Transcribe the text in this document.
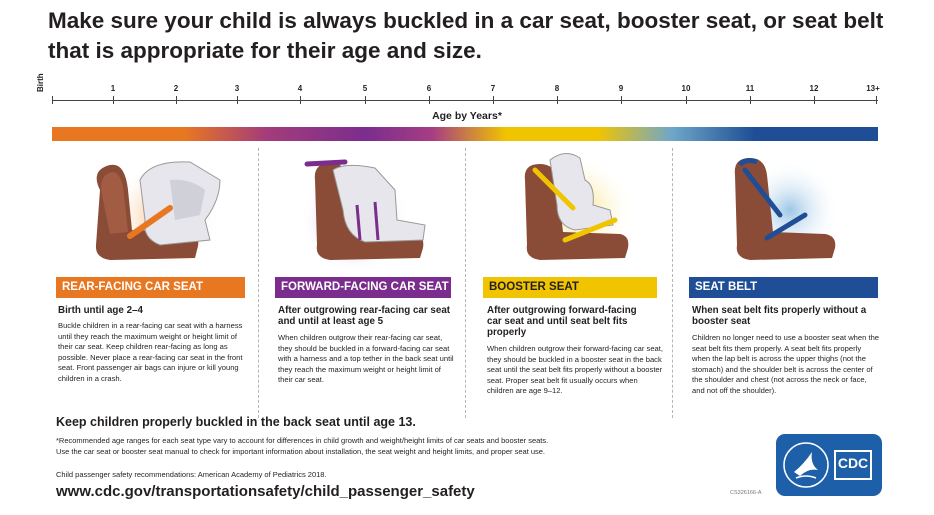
Make sure your child is always buckled in a car seat, booster seat, or seat belt that is appropriate for their age and size.
Birth	1	2	3	4	5	6	7	8	9	10	11	12	13+
Age by Years*
REAR-FACING CAR SEAT
Birth until age 2–4
Buckle children in a rear-facing car seat with a harness until they reach the maximum weight or height limit of their car seat. Keep children rear-facing as long as possible. Never place a rear-facing car seat in the front seat. Front passenger air bags can injure or kill young children in a crash.
FORWARD-FACING CAR SEAT
After outgrowing rear-facing car seat and until at least age 5
When children outgrow their rear-facing car seat, they should be buckled in a forward-facing car seat with a harness and a top tether in the back seat until they reach the maximum weight or height limit of their car seat.
BOOSTER SEAT
After outgrowing forward-facing car seat and until seat belt fits properly
When children outgrow their forward-facing car seat, they should be buckled in a booster seat in the back seat until the seat belt fits properly without a booster seat. Proper seat belt fit usually occurs when children are age 9–12.
SEAT BELT
When seat belt fits properly without a booster seat
Children no longer need to use a booster seat when the seat belt fits them properly. A seat belt fits properly when the lap belt is across the upper thighs (not the stomach) and the shoulder belt is across the center of the shoulder and chest (not across the neck or face, and not off the shoulder).
Keep children properly buckled in the back seat until age 13.
*Recommended age ranges for each seat type vary to account for differences in child growth and weight/height limits of car seats and booster seats.
Use the car seat or booster seat manual to check for important information about installation, the seat weight and height limits, and proper seat use.
Child passenger safety recommendations: American Academy of Pediatrics 2018.
www.cdc.gov/transportationsafety/child_passenger_safety	CS326166-A
CDC
